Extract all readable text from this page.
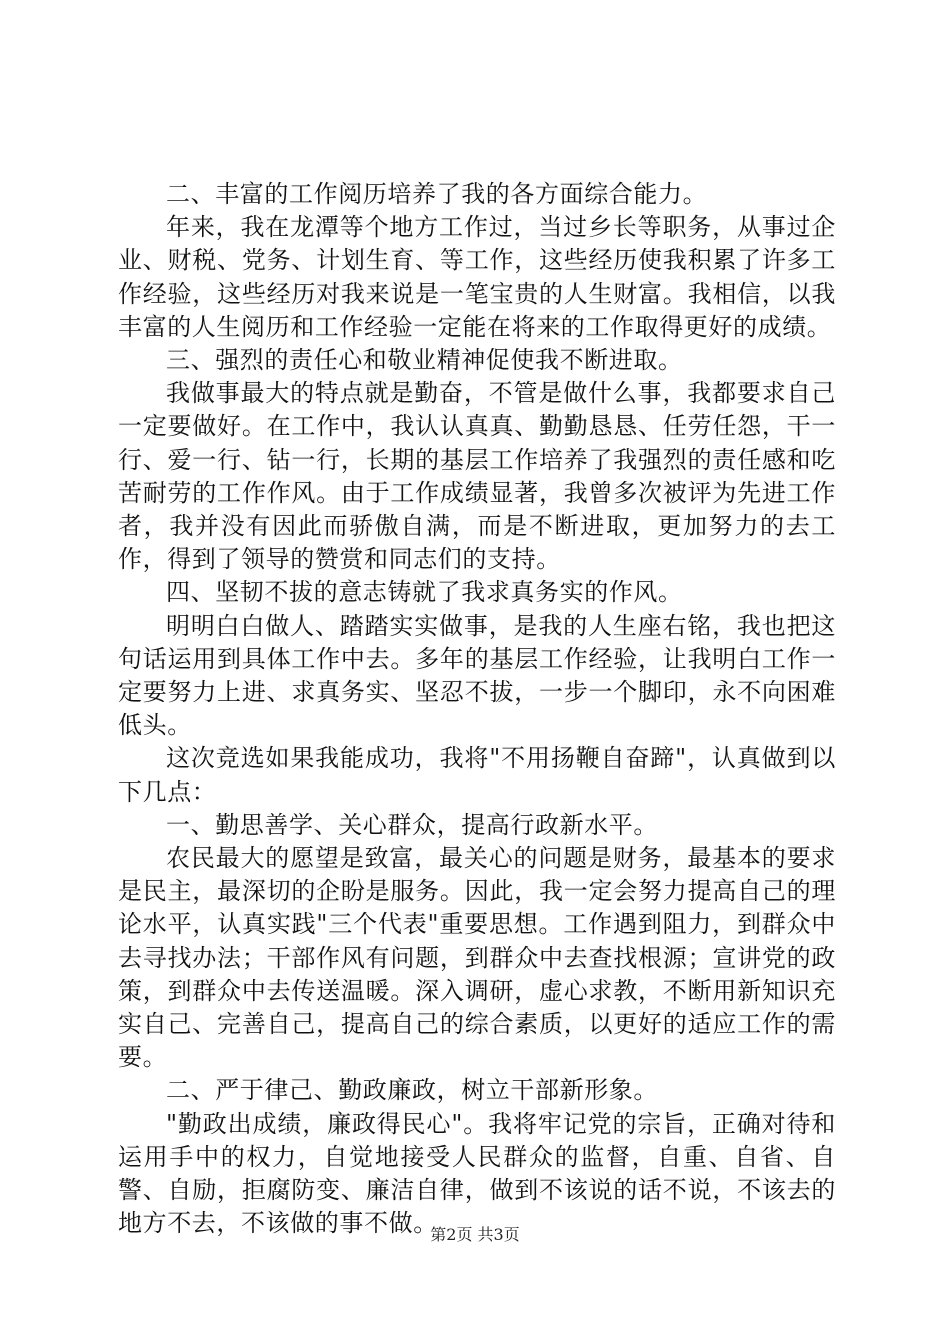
二、丰富的工作阅历培养了我的各方面综合能力。

年来，我在龙潭等个地方工作过，当过乡长等职务，从事过企业、财税、党务、计划生育、等工作，这些经历使我积累了许多工作经验，这些经历对我来说是一笔宝贵的人生财富。我相信，以我丰富的人生阅历和工作经验一定能在将来的工作取得更好的成绩。

三、强烈的责任心和敬业精神促使我不断进取。

我做事最大的特点就是勤奋，不管是做什么事，我都要求自己一定要做好。在工作中，我认认真真、勤勤恳恳、任劳任怨，干一行、爱一行、钻一行，长期的基层工作培养了我强烈的责任感和吃苦耐劳的工作作风。由于工作成绩显著，我曾多次被评为先进工作者，我并没有因此而骄傲自满，而是不断进取，更加努力的去工作，得到了领导的赞赏和同志们的支持。

四、坚韧不拔的意志铸就了我求真务实的作风。

明明白白做人、踏踏实实做事，是我的人生座右铭，我也把这句话运用到具体工作中去。多年的基层工作经验，让我明白工作一定要努力上进、求真务实、坚忍不拔，一步一个脚印，永不向困难低头。

这次竞选如果我能成功，我将"不用扬鞭自奋蹄"，认真做到以下几点：

一、勤思善学、关心群众，提高行政新水平。

农民最大的愿望是致富，最关心的问题是财务，最基本的要求是民主，最深切的企盼是服务。因此，我一定会努力提高自己的理论水平，认真实践"三个代表"重要思想。工作遇到阻力，到群众中去寻找办法；干部作风有问题，到群众中去查找根源；宣讲党的政策，到群众中去传送温暖。深入调研，虚心求教，不断用新知识充实自己、完善自己，提高自己的综合素质，以更好的适应工作的需要。

二、严于律己、勤政廉政，树立干部新形象。

"勤政出成绩，廉政得民心"。我将牢记党的宗旨，正确对待和运用手中的权力，自觉地接受人民群众的监督，自重、自省、自警、自励，拒腐防变、廉洁自律，做到不该说的话不说，不该去的地方不去，不该做的事不做。

第2页 共3页
